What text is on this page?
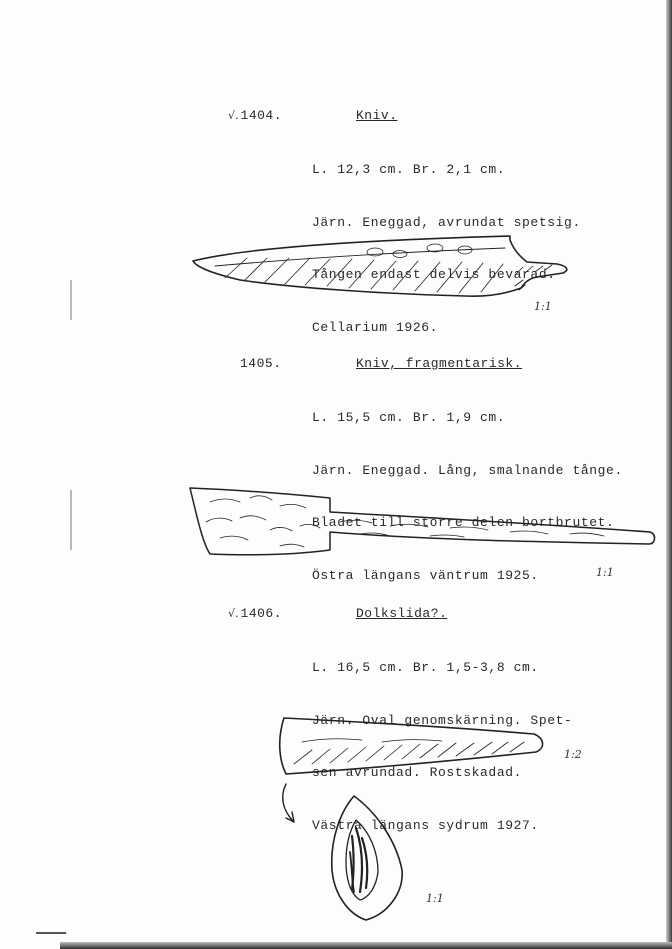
√.1404.	Kniv.

L. 12,3 cm. Br. 2,1 cm.

Järn. Eneggad, avrundat spetsig.

Tången endast delvis bevarad.

Cellarium 1926.

1:1
1405.	Kniv, fragmentarisk.

L. 15,5 cm. Br. 1,9 cm.

Järn. Eneggad. Lång, smalnande tånge.

Bladet till större delen bortbrutet.

Östra längans väntrum 1925.

	1:1
√.1406.	Dolkslida?.

L. 16,5 cm. Br. 1,5-3,8 cm.

Järn. Oval genomskärning. Spet-

sen avrundad. Rostskadad.

Västra längans sydrum 1927.

1:2
1:1
